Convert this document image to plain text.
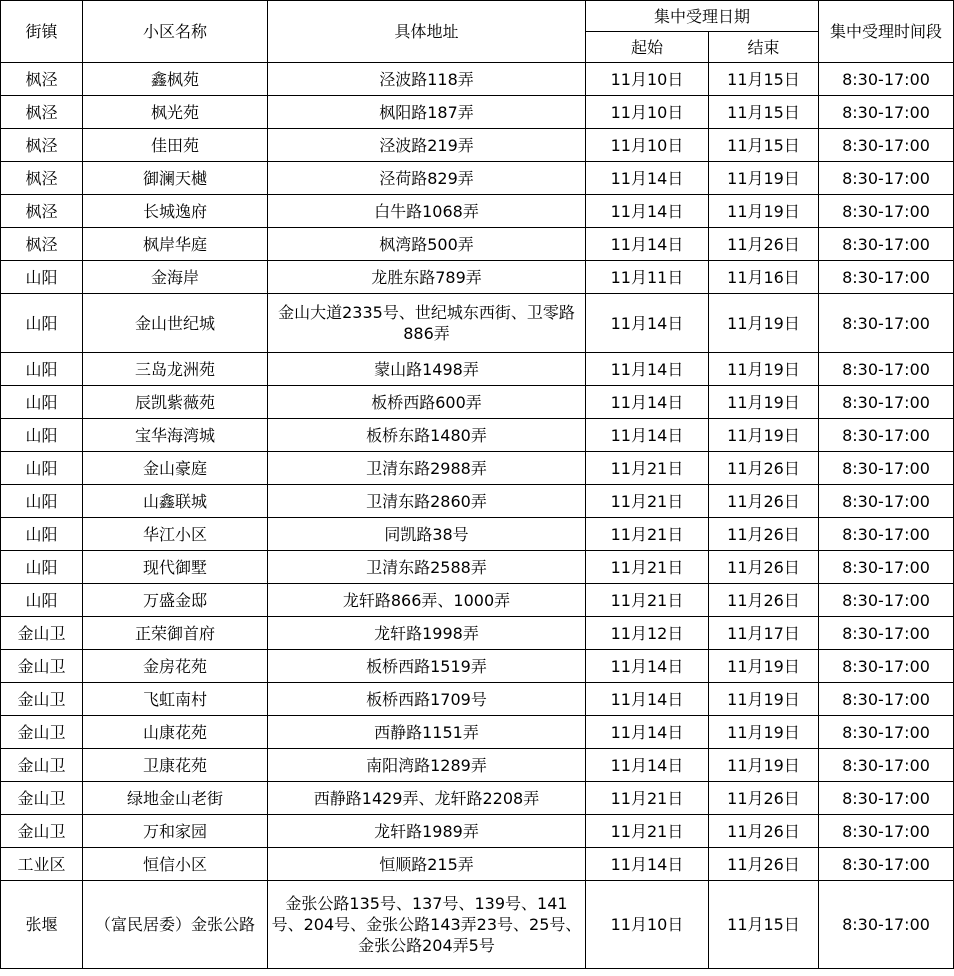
街镇	小区名称	具体地址	集中受理日期		集中受理时间段
			起始	结束	
枫泾	鑫枫苑	泾波路118弄	11月10日	11月15日	8:30-17:00
枫泾	枫光苑	枫阳路187弄	11月10日	11月15日	8:30-17:00
枫泾	佳田苑	泾波路219弄	11月10日	11月15日	8:30-17:00
枫泾	御澜天樾	泾荷路829弄	11月14日	11月19日	8:30-17:00
枫泾	长城逸府	白牛路1068弄	11月14日	11月19日	8:30-17:00
枫泾	枫岸华庭	枫湾路500弄	11月14日	11月26日	8:30-17:00
山阳	金海岸	龙胜东路789弄	11月11日	11月16日	8:30-17:00
山阳	金山世纪城	金山大道2335号、世纪城东西街、卫零路886弄	11月14日	11月19日	8:30-17:00
山阳	三岛龙洲苑	蒙山路1498弄	11月14日	11月19日	8:30-17:00
山阳	辰凯紫薇苑	板桥西路600弄	11月14日	11月19日	8:30-17:00
山阳	宝华海湾城	板桥东路1480弄	11月14日	11月19日	8:30-17:00
山阳	金山豪庭	卫清东路2988弄	11月21日	11月26日	8:30-17:00
山阳	山鑫联城	卫清东路2860弄	11月21日	11月26日	8:30-17:00
山阳	华江小区	同凯路38号	11月21日	11月26日	8:30-17:00
山阳	现代御墅	卫清东路2588弄	11月21日	11月26日	8:30-17:00
山阳	万盛金邸	龙轩路866弄、1000弄	11月21日	11月26日	8:30-17:00
金山卫	正荣御首府	龙轩路1998弄	11月12日	11月17日	8:30-17:00
金山卫	金房花苑	板桥西路1519弄	11月14日	11月19日	8:30-17:00
金山卫	飞虹南村	板桥西路1709号	11月14日	11月19日	8:30-17:00
金山卫	山康花苑	西静路1151弄	11月14日	11月19日	8:30-17:00
金山卫	卫康花苑	南阳湾路1289弄	11月14日	11月19日	8:30-17:00
金山卫	绿地金山老街	西静路1429弄、龙轩路2208弄	11月21日	11月26日	8:30-17:00
金山卫	万和家园	龙轩路1989弄	11月21日	11月26日	8:30-17:00
工业区	恒信小区	恒顺路215弄	11月14日	11月26日	8:30-17:00
张堰	（富民居委）金张公路	金张公路135号、137号、139号、141号、204号、金张公路143弄23号、25号、金张公路204弄5号	11月10日	11月15日	8:30-17:00
